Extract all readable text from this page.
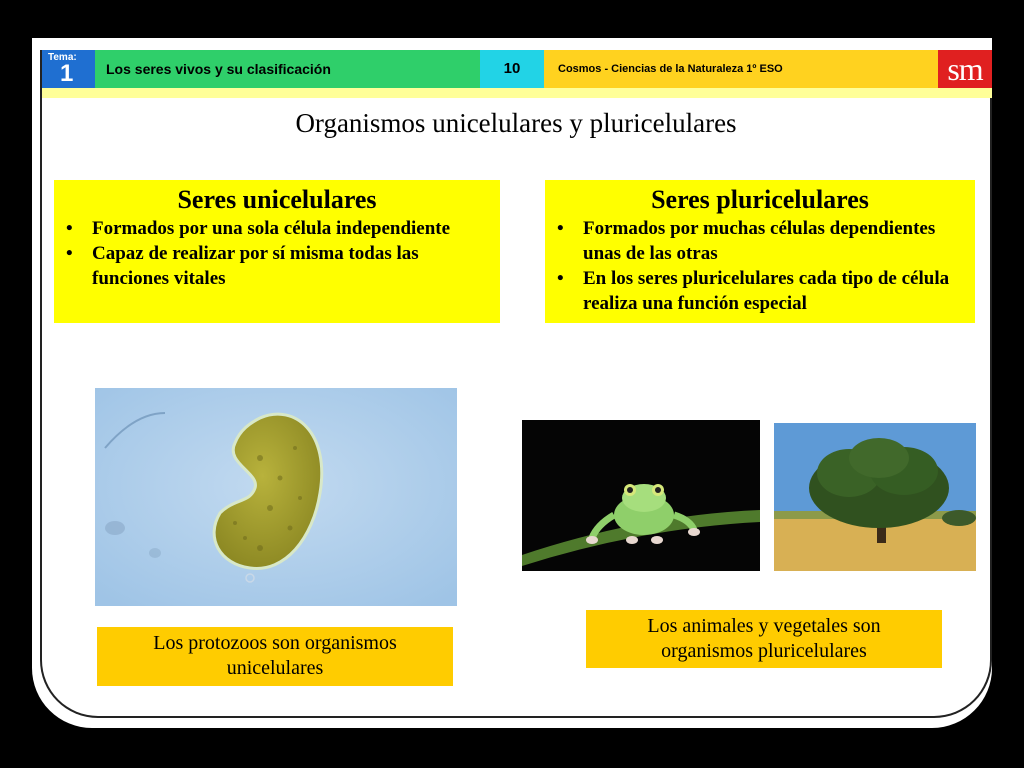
Tema:
1	Los seres vivos y su clasificación	10	Cosmos - Ciencias de la Naturaleza 1º ESO	sm
Organismos unicelulares y pluricelulares
Seres unicelulares
• Formados por una sola célula independiente
• Capaz de realizar por sí misma todas las funciones vitales
Seres pluricelulares
• Formados por muchas células dependientes unas de las otras
• En los seres pluricelulares cada tipo de célula realiza una función especial
Los protozoos son organismos
unicelulares
Los animales y vegetales son
organismos pluricelulares
